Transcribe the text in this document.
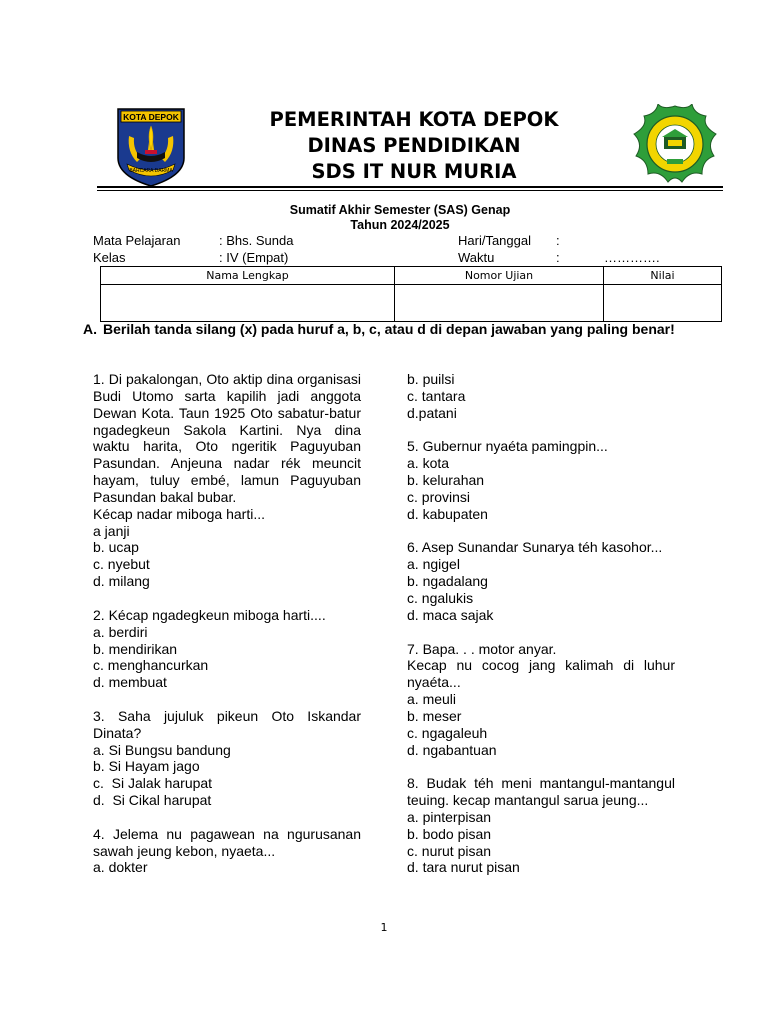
KOTA DEPOK
BARCARA DARMA
PEMERINTAH KOTA DEPOK
DINAS PENDIDIKAN
SDS IT NUR MURIA
Sumatif Akhir Semester (SAS) Genap
Tahun 2024/2025
Mata Pelajaran	: Bhs. Sunda
Kelas	: IV (Empat)
Hari/Tanggal :
Waktu	:	………….
Nama Lengkap	Nomor Ujian	Nilai

A. Berilah tanda silang (x) pada huruf a, b, c, atau d di depan jawaban yang paling benar!

1. Di pakalongan, Oto aktip dina organisasi Budi Utomo sarta kapilih jadi anggota Dewan Kota. Taun 1925 Oto sabatur-batur ngadegkeun Sakola Kartini. Nya dina waktu harita, Oto ngeritik Paguyuban Pasundan. Anjeuna nadar rék meuncit hayam, tuluy embé, lamun Paguyuban Pasundan bakal bubar.

Kécap nadar miboga harti...

a janji

b. ucap

c. nyebut

d. milang

2. Kécap ngadegkeun miboga harti....

a. berdiri

b. mendirikan

c. menghancurkan

d. membuat

3. Saha jujuluk pikeun Oto Iskandar Dinata?

a. Si Bungsu bandung

b. Si Hayam jago

c.  Si Jalak harupat

d.  Si Cikal harupat

4. Jelema nu pagawean na ngurusanan sawah jeung kebon, nyaeta...

a. dokter

b. puilsi

c. tantara

d.patani

5. Gubernur nyaéta pamingpin...

a. kota

b. kelurahan

c. provinsi

d. kabupaten

6. Asep Sunandar Sunarya téh kasohor...

a. ngigel

b. ngadalang

c. ngalukis

d. maca sajak

7. Bapa. . . motor anyar.

Kecap nu cocog jang kalimah di luhur nyaéta...

a. meuli

b. meser

c. ngagaleuh

d. ngabantuan

8. Budak téh meni mantangul-mantangul teuing. kecap mantangul sarua jeung...

a. pinterpisan

b. bodo pisan

c. nurut pisan

d. tara nurut pisan

1
